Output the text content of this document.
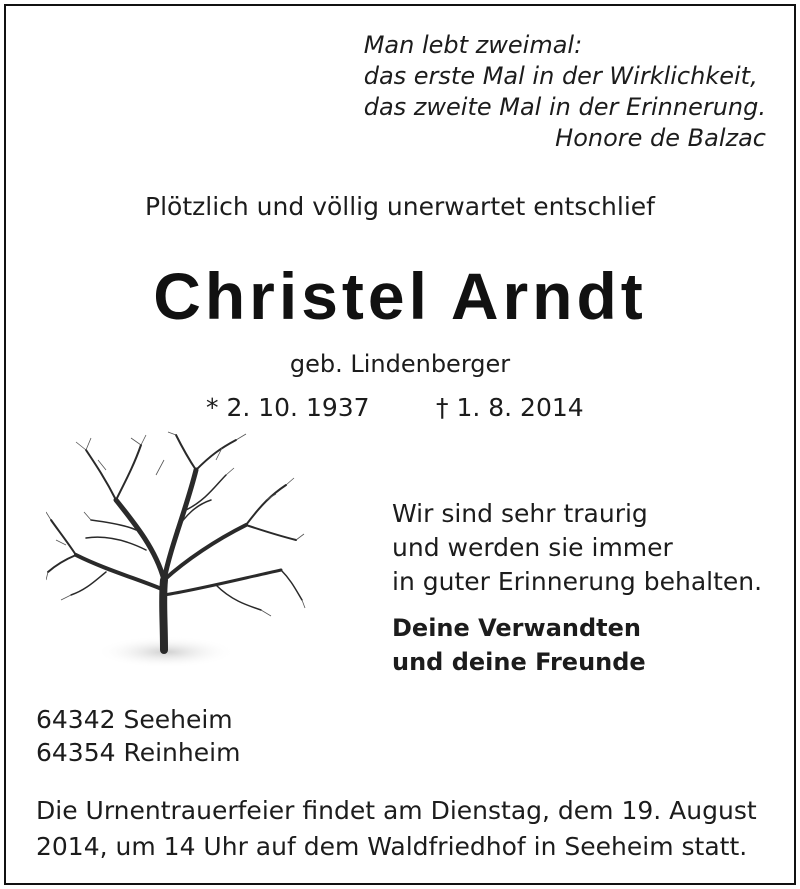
Man lebt zweimal:
das erste Mal in der Wirklichkeit,
das zweite Mal in der Erinnerung.
Honore de Balzac
Plötzlich und völlig unerwartet entschlief
Christel Arndt
geb. Lindenberger
* 2. 10. 1937	† 1. 8. 2014
Wir sind sehr traurig
und werden sie immer
in guter Erinnerung behalten.
Deine Verwandten
und deine Freunde
64342 Seeheim
64354 Reinheim
Die Urnentrauerfeier findet am Dienstag, dem 19. August
2014, um 14 Uhr auf dem Waldfriedhof in Seeheim statt.
